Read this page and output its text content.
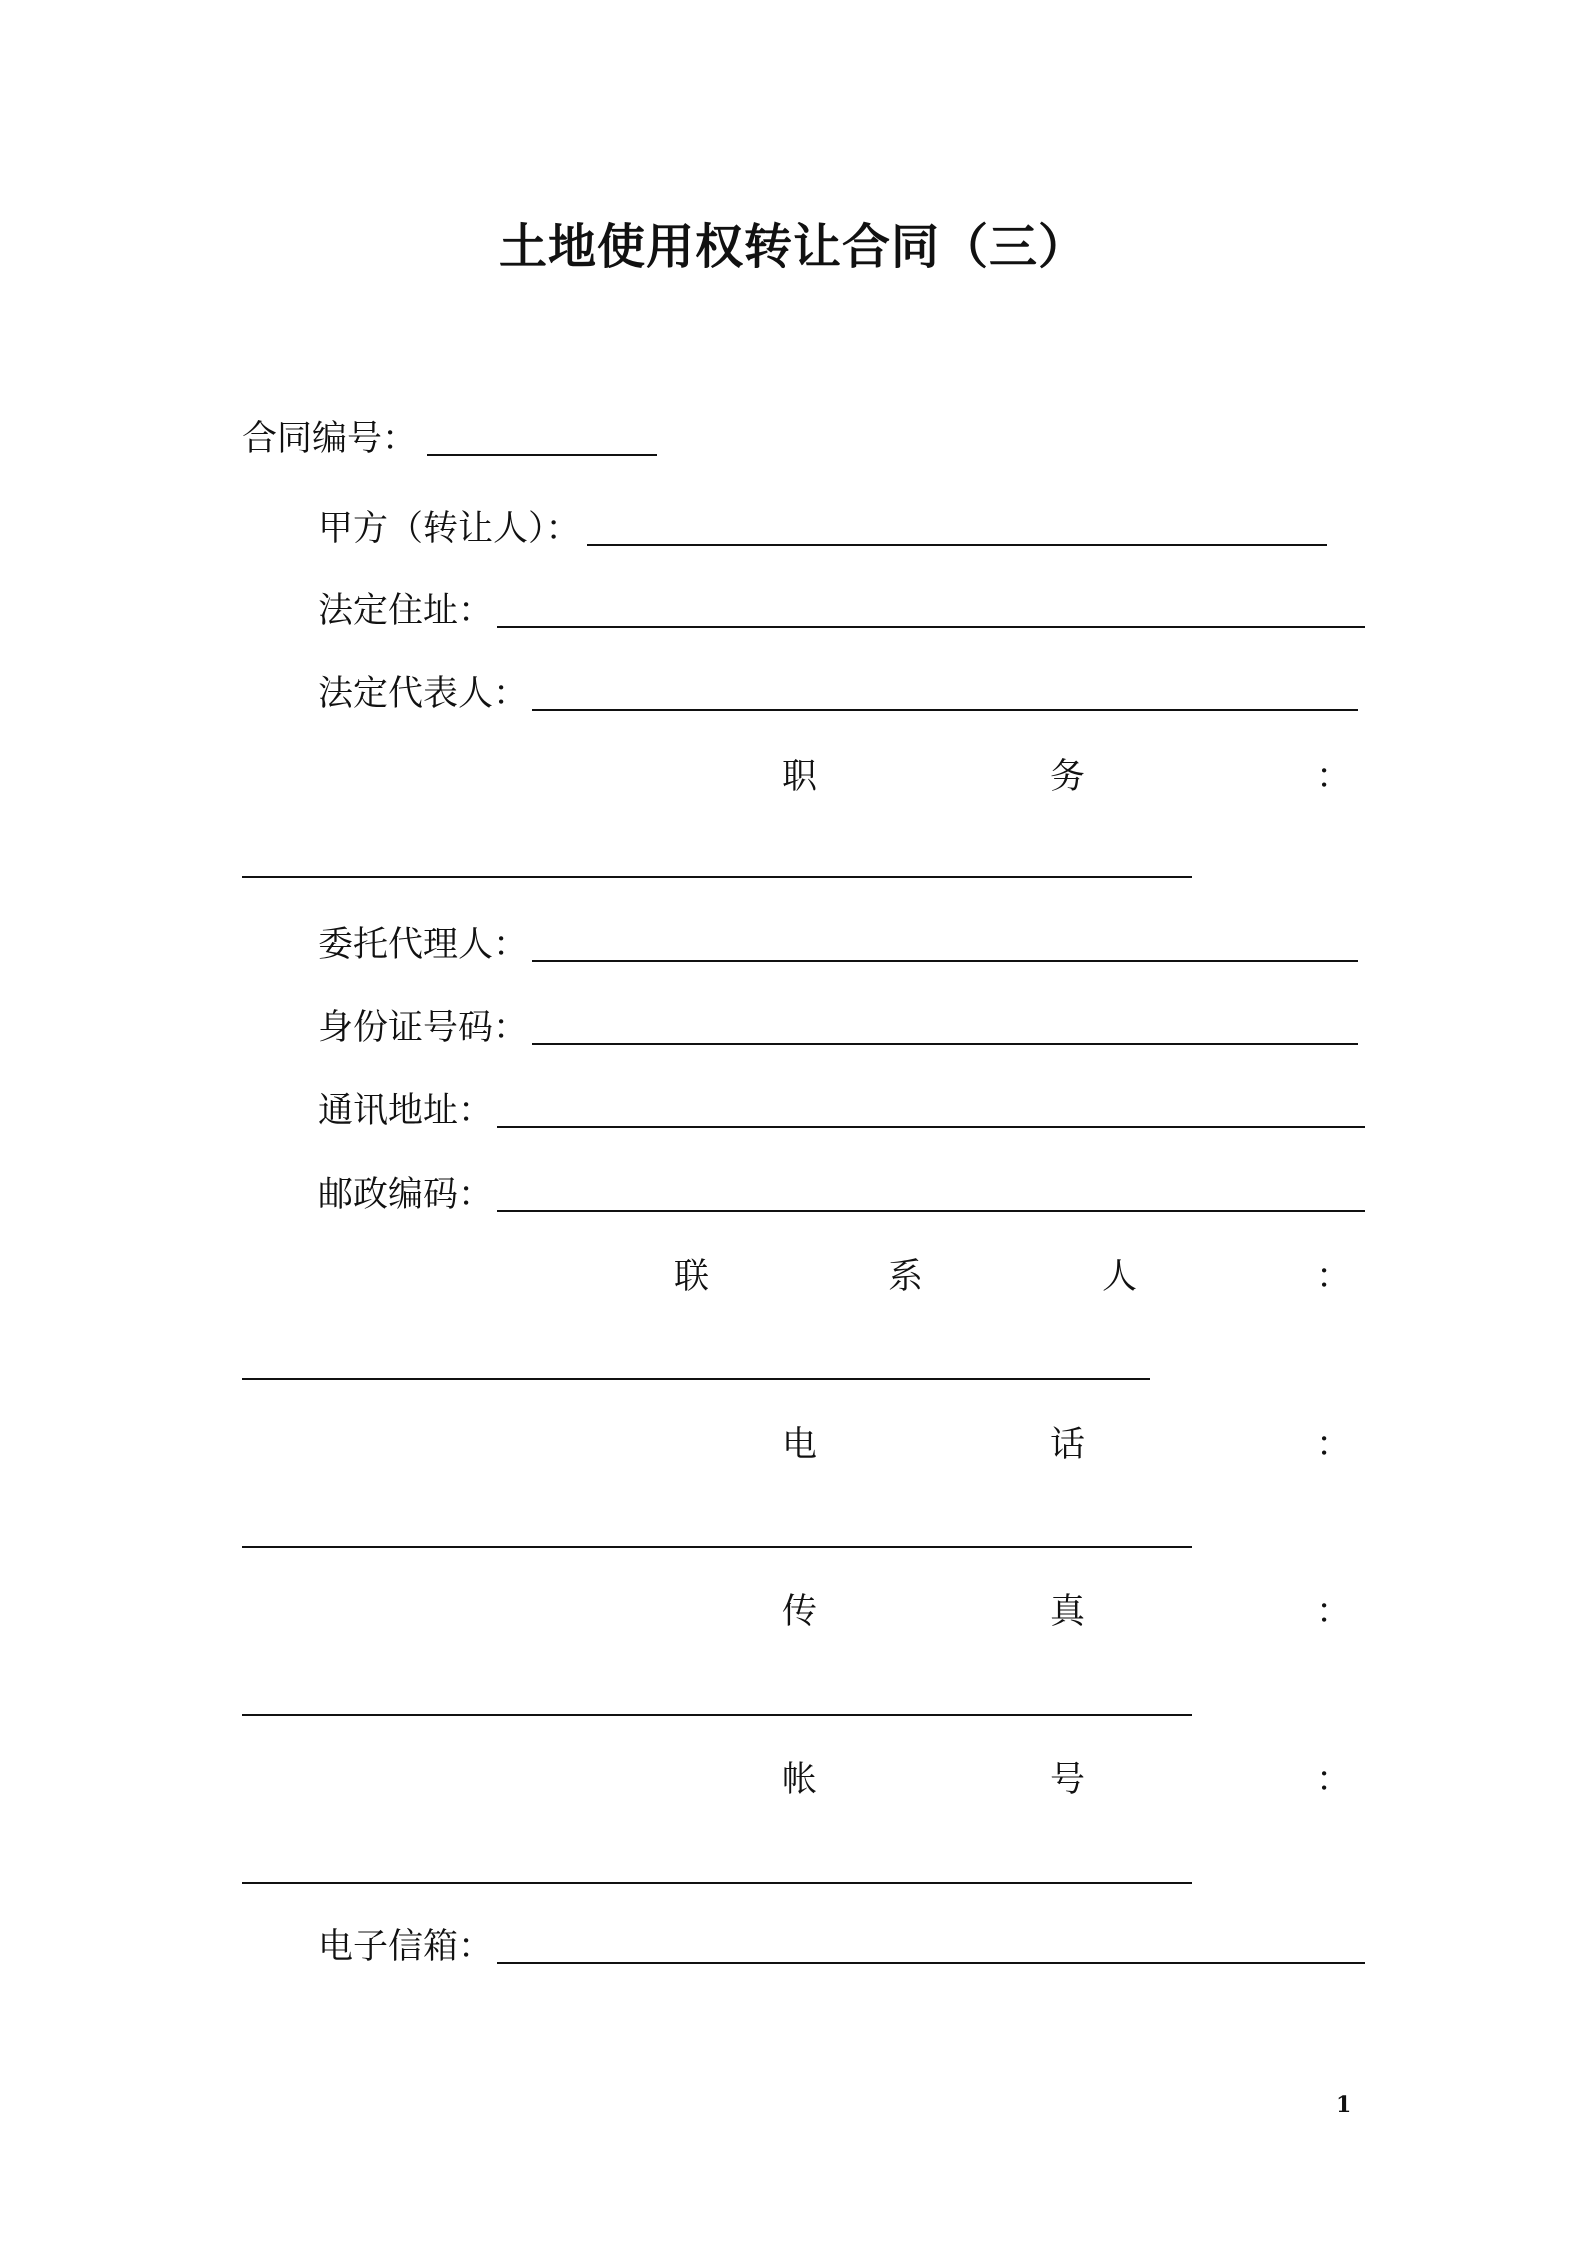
土地使用权转让合同（三）
合同编号：
甲方（转让人）：
法定住址：
法定代表人：
职	务	：
委托代理人：
身份证号码：
通讯地址：
邮政编码：
联	系	人	：
电	话	：
传	真	：
帐	号	：
电子信箱：
1
